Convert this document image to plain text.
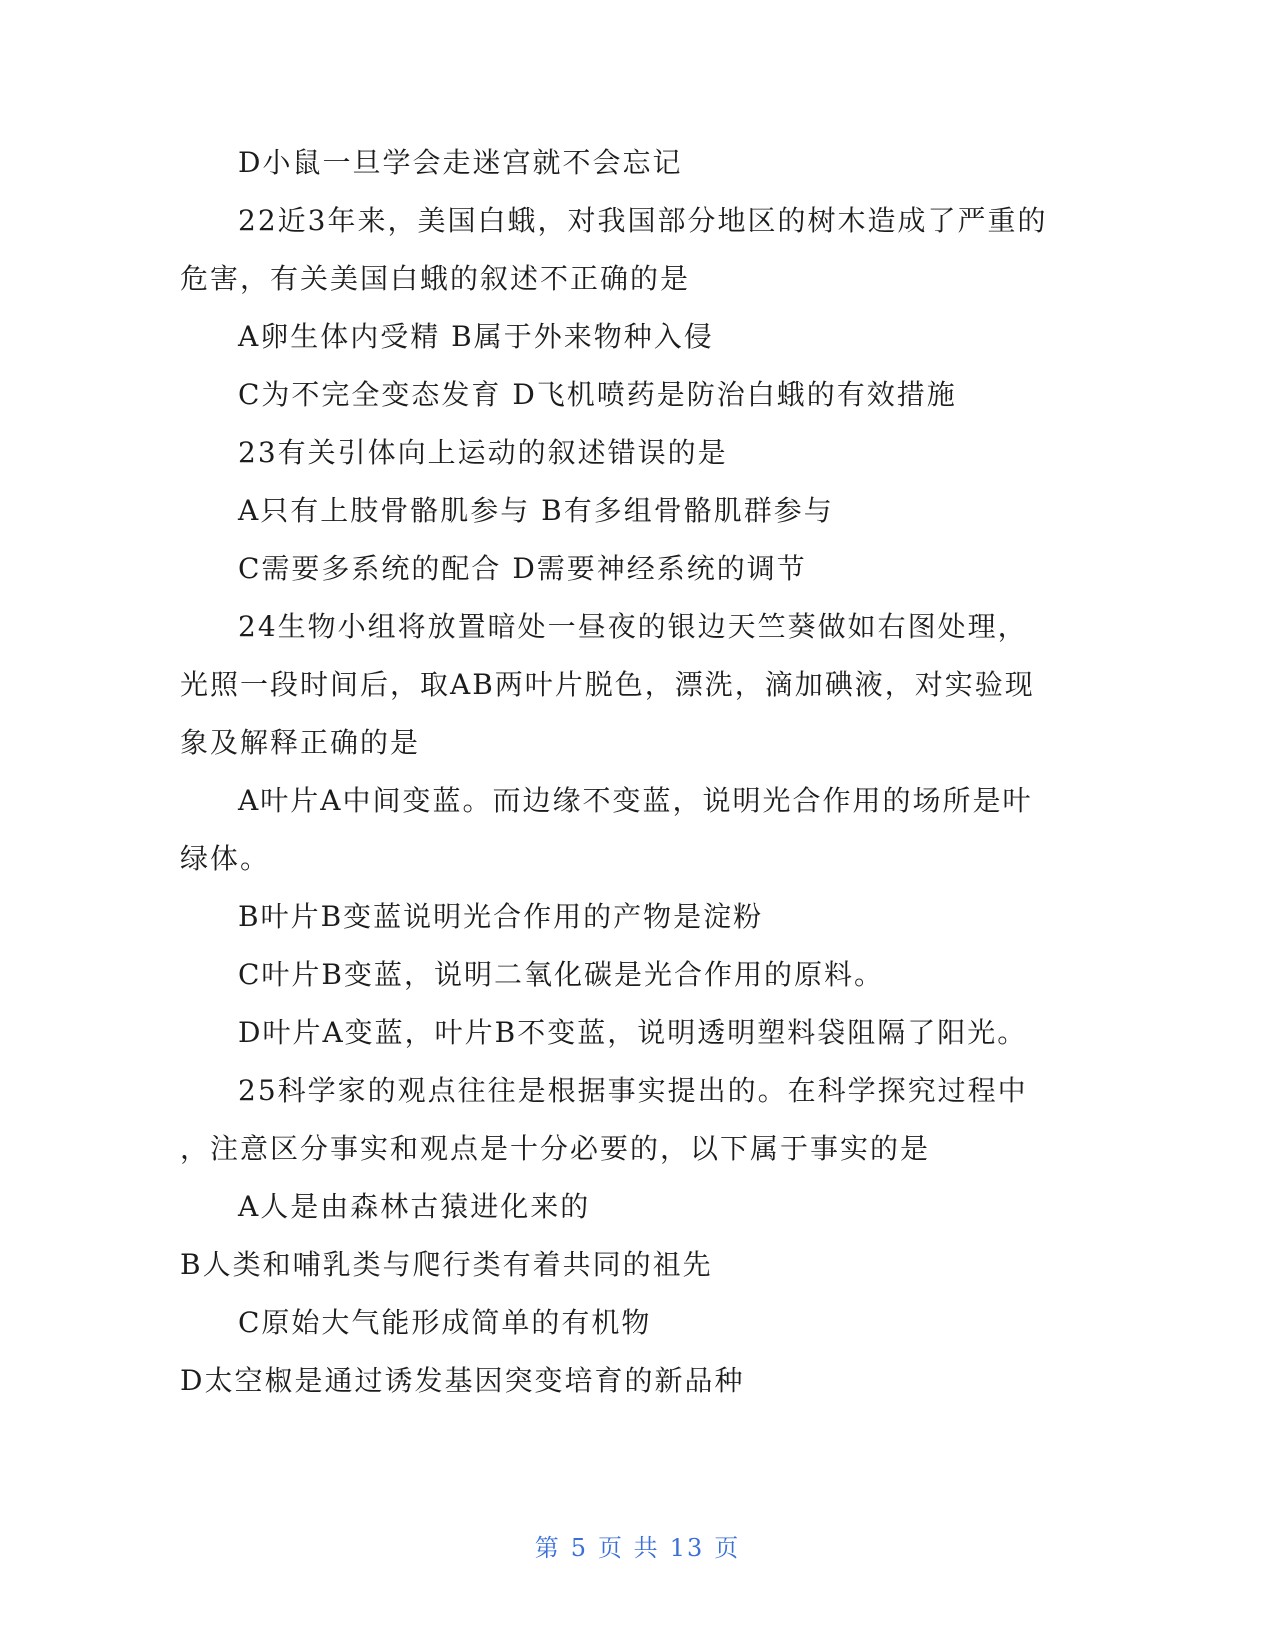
D小鼠一旦学会走迷宫就不会忘记
22近3年来，美国白蛾，对我国部分地区的树木造成了严重的
危害，有关美国白蛾的叙述不正确的是
A卵生体内受精 B属于外来物种入侵
C为不完全变态发育 D飞机喷药是防治白蛾的有效措施
23有关引体向上运动的叙述错误的是
A只有上肢骨骼肌参与 B有多组骨骼肌群参与
C需要多系统的配合 D需要神经系统的调节
24生物小组将放置暗处一昼夜的银边天竺葵做如右图处理，
光照一段时间后，取AB两叶片脱色，漂洗，滴加碘液，对实验现
象及解释正确的是
A叶片A中间变蓝。而边缘不变蓝，说明光合作用的场所是叶
绿体。
B叶片B变蓝说明光合作用的产物是淀粉
C叶片B变蓝，说明二氧化碳是光合作用的原料。
D叶片A变蓝，叶片B不变蓝，说明透明塑料袋阻隔了阳光。
25科学家的观点往往是根据事实提出的。在科学探究过程中
，注意区分事实和观点是十分必要的，以下属于事实的是
A人是由森林古猿进化来的
B人类和哺乳类与爬行类有着共同的祖先
C原始大气能形成简单的有机物
D太空椒是通过诱发基因突变培育的新品种
第 5 页 共 13 页
